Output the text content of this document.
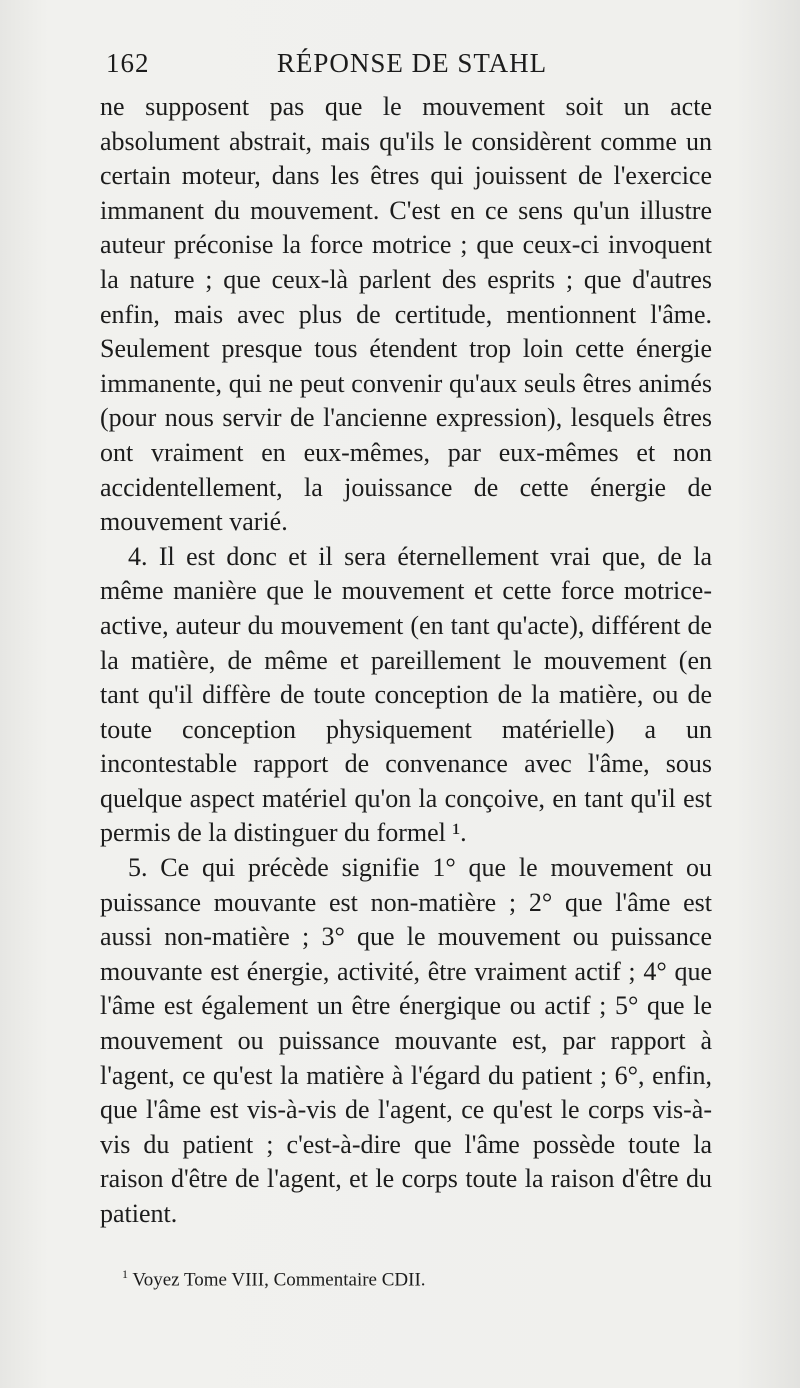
162	RÉPONSE DE STAHL

ne supposent pas que le mouvement soit un acte absolument abstrait, mais qu'ils le considèrent comme un certain moteur, dans les êtres qui jouissent de l'exercice immanent du mouvement. C'est en ce sens qu'un illustre auteur préconise la force motrice ; que ceux-ci invoquent la nature ; que ceux-là parlent des esprits ; que d'autres enfin, mais avec plus de certitude, mentionnent l'âme. Seulement presque tous étendent trop loin cette énergie immanente, qui ne peut convenir qu'aux seuls êtres animés (pour nous servir de l'ancienne expression), lesquels êtres ont vraiment en eux-mêmes, par eux-mêmes et non accidentellement, la jouissance de cette énergie de mouvement varié.

4. Il est donc et il sera éternellement vrai que, de la même manière que le mouvement et cette force motrice-active, auteur du mouvement (en tant qu'acte), différent de la matière, de même et pareillement le mouvement (en tant qu'il diffère de toute conception de la matière, ou de toute conception physiquement matérielle) a un incontestable rapport de convenance avec l'âme, sous quelque aspect matériel qu'on la conçoive, en tant qu'il est permis de la distinguer du formel ¹.

5. Ce qui précède signifie 1° que le mouvement ou puissance mouvante est non-matière ; 2° que l'âme est aussi non-matière ; 3° que le mouvement ou puissance mouvante est énergie, activité, être vraiment actif ; 4° que l'âme est également un être énergique ou actif ; 5° que le mouvement ou puissance mouvante est, par rapport à l'agent, ce qu'est la matière à l'égard du patient ; 6°, enfin, que l'âme est vis-à-vis de l'agent, ce qu'est le corps vis-à-vis du patient ; c'est-à-dire que l'âme possède toute la raison d'être de l'agent, et le corps toute la raison d'être du patient.

$^1$ Voyez Tome VIII, Commentaire CDII.
